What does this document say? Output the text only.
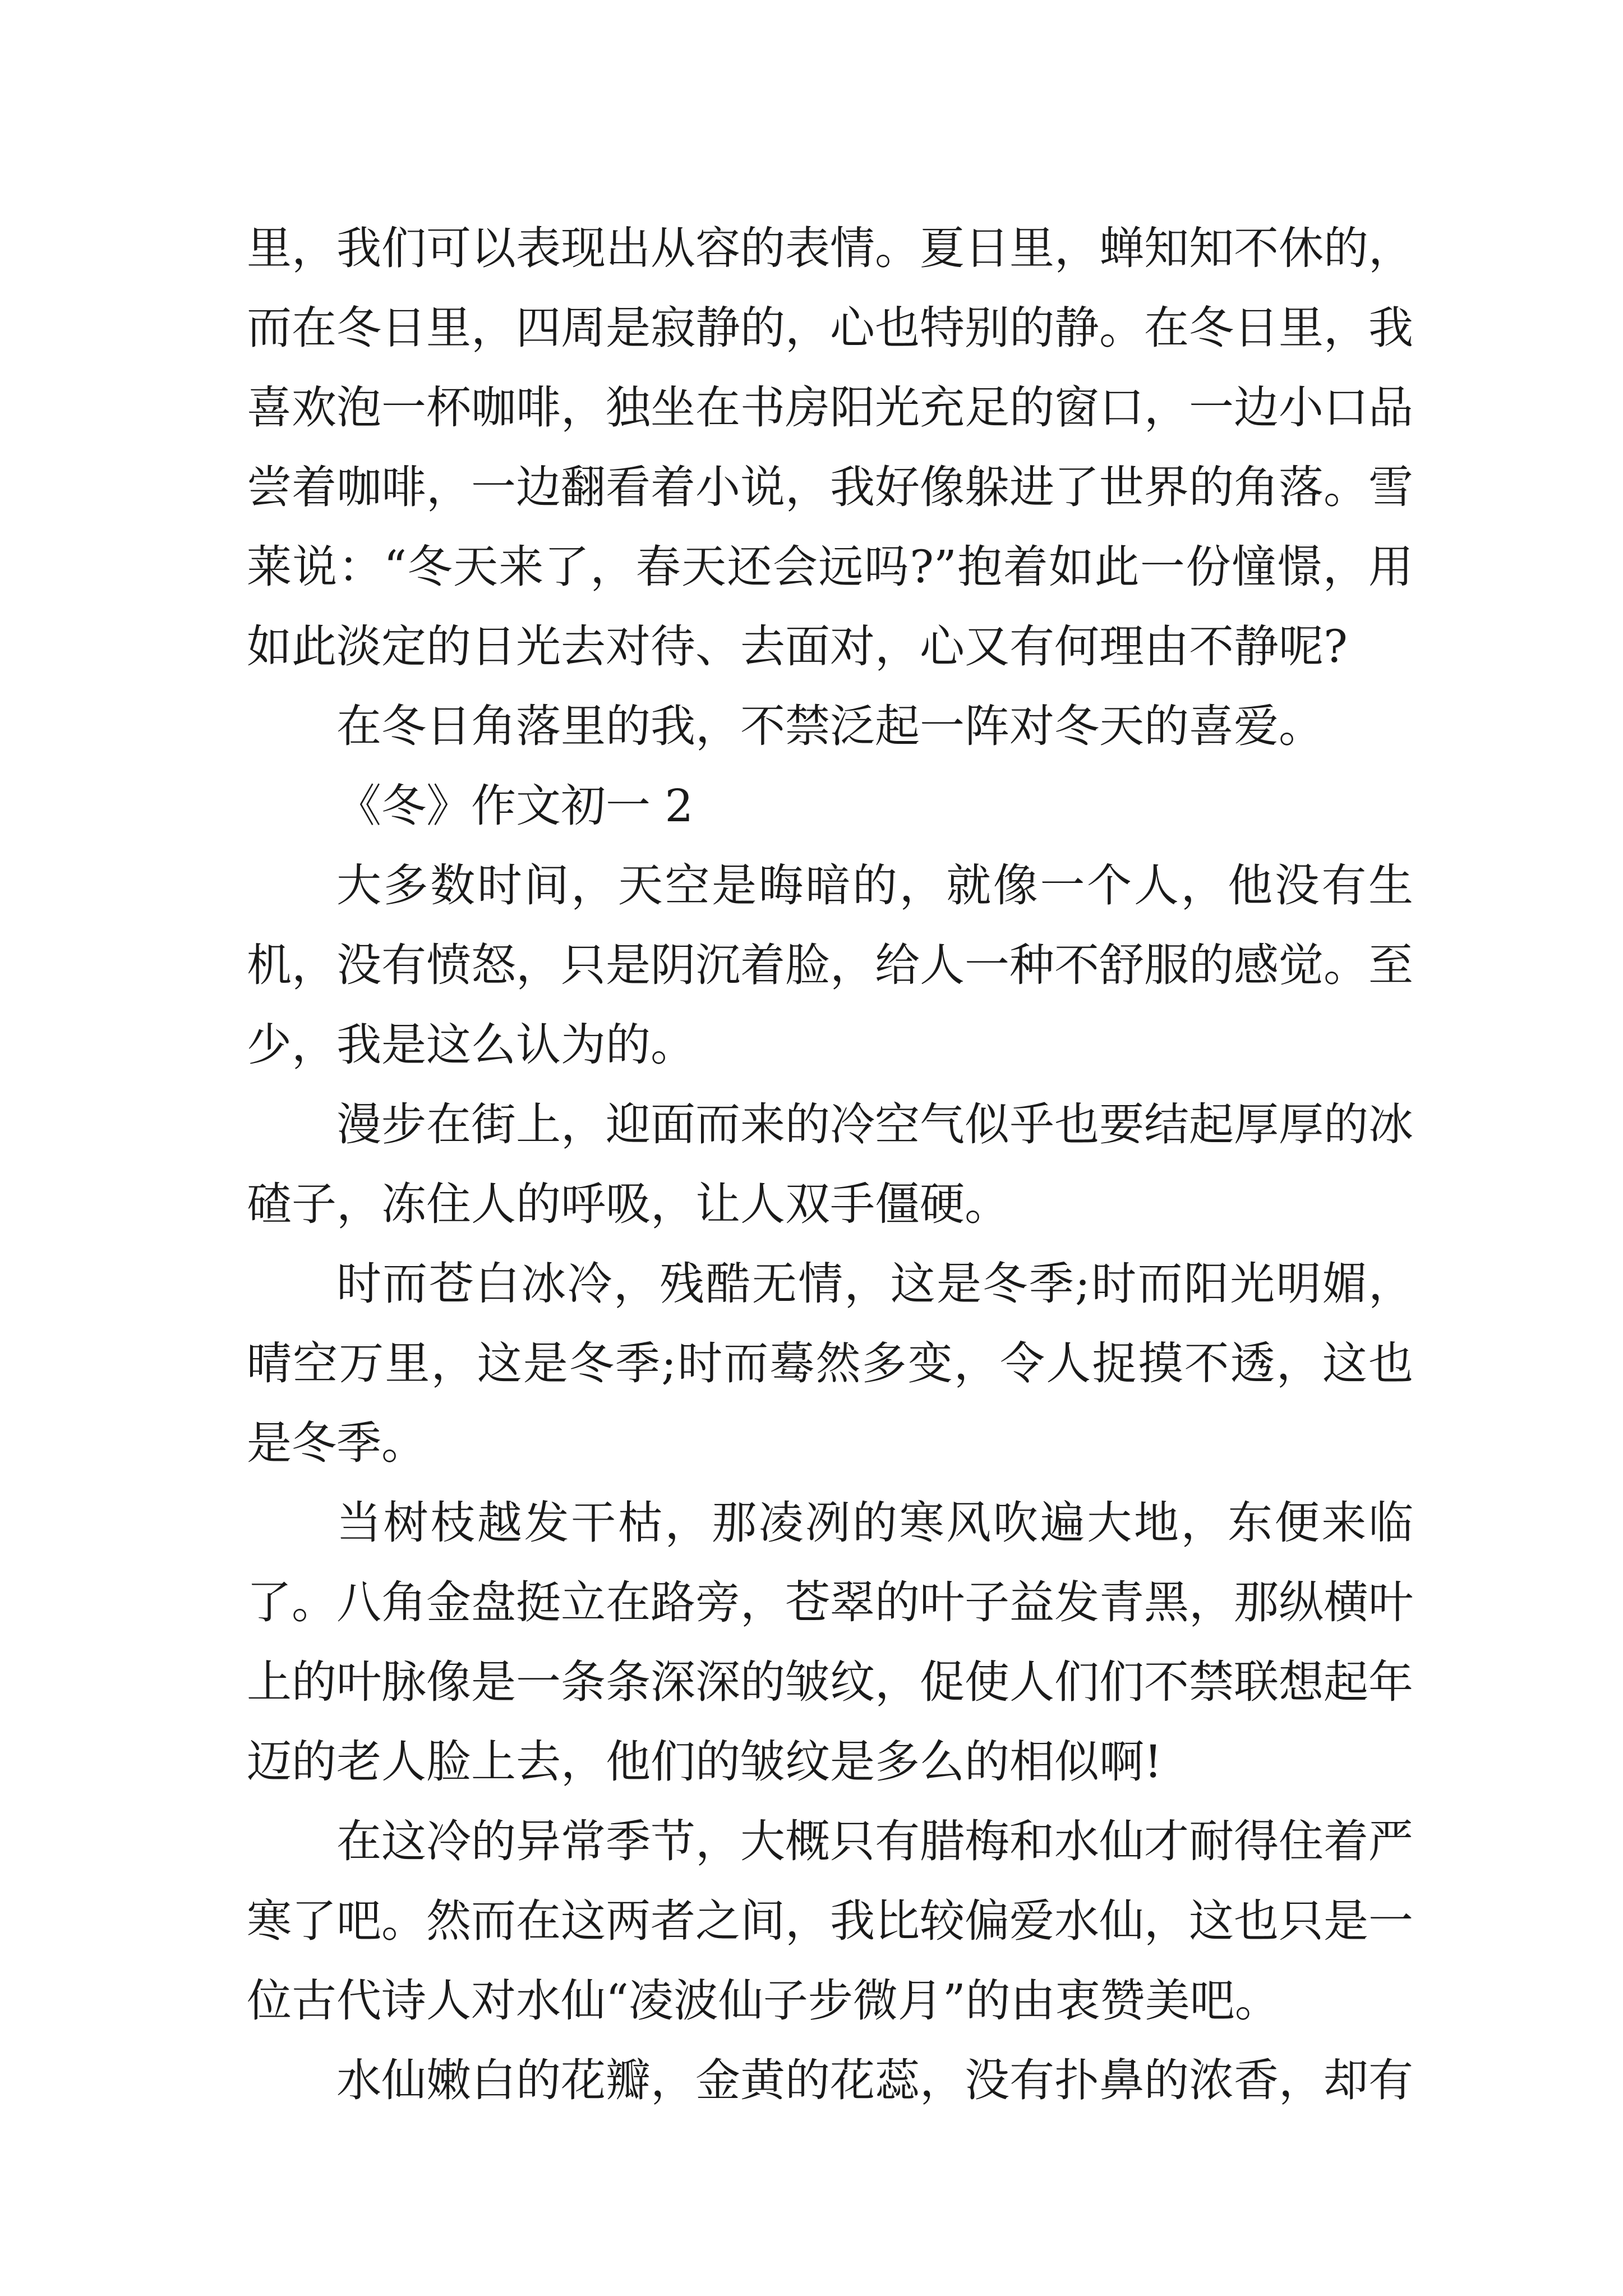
里，我们可以表现出从容的表情。夏日里，蝉知知不休的，而在冬日里，四周是寂静的，心也特别的静。在冬日里，我喜欢泡一杯咖啡，独坐在书房阳光充足的窗口，一边小口品尝着咖啡，一边翻看着小说，我好像躲进了世界的角落。雪莱说：“冬天来了，春天还会远吗?”抱着如此一份憧憬，用如此淡定的日光去对待、去面对，心又有何理由不静呢?

在冬日角落里的我，不禁泛起一阵对冬天的喜爱。

《冬》作文初一 2

大多数时间，天空是晦暗的，就像一个人，他没有生机，没有愤怒，只是阴沉着脸，给人一种不舒服的感觉。至少，我是这么认为的。

漫步在街上，迎面而来的冷空气似乎也要结起厚厚的冰碴子，冻住人的呼吸，让人双手僵硬。

时而苍白冰冷，残酷无情，这是冬季;时而阳光明媚，晴空万里，这是冬季;时而蓦然多变，令人捉摸不透，这也是冬季。

当树枝越发干枯，那凌冽的寒风吹遍大地，东便来临了。八角金盘挺立在路旁，苍翠的叶子益发青黑，那纵横叶上的叶脉像是一条条深深的皱纹，促使人们们不禁联想起年迈的老人脸上去，他们的皱纹是多么的相似啊!

在这冷的异常季节，大概只有腊梅和水仙才耐得住着严寒了吧。然而在这两者之间，我比较偏爱水仙，这也只是一位古代诗人对水仙“凌波仙子步微月”的由衷赞美吧。

水仙嫩白的花瓣，金黄的花蕊，没有扑鼻的浓香，却有
